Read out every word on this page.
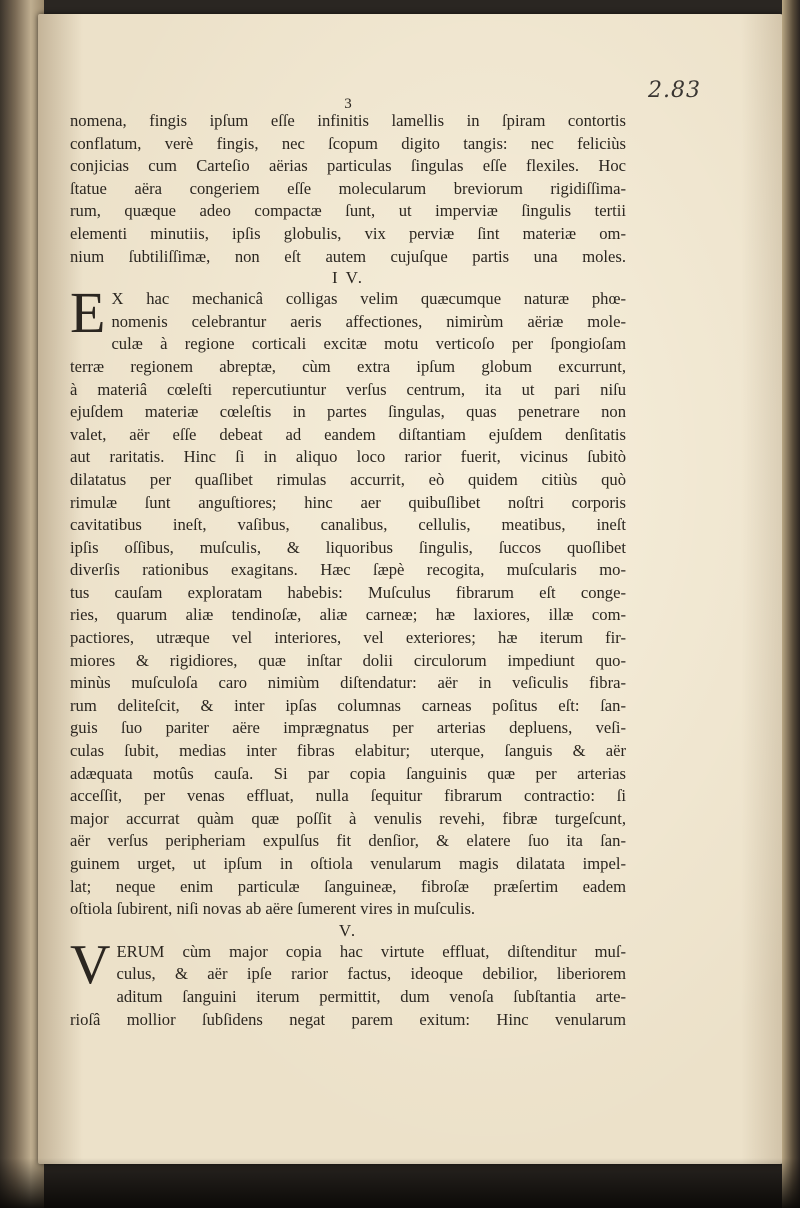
2.83
3
nomena, fingis ipſum eſſe infinitis lamellis in ſpiram contortis
conflatum, verè fingis, nec ſcopum digito tangis: nec feliciùs
conjicias cum Carteſio aërias particulas ſingulas eſſe flexiles. Hoc
ſtatue aëra congeriem eſſe molecularum breviorum rigidiſſima-
rum, quæque adeo compactæ ſunt, ut imperviæ ſingulis tertii
elementi minutiis, ipſis globulis, vix perviæ ſint materiæ om-
nium ſubtiliſſimæ, non eſt autem cujuſque partis una moles.
I V.
E X hac mechanicâ colligas velim quæcumque naturæ phœ-
nomenis celebrantur aeris affectiones, nimirùm aëriæ mole-
culæ à regione corticali excitæ motu verticoſo per ſpongioſam
terræ regionem abreptæ, cùm extra ipſum globum excurrunt,
à materiâ cœleſti repercutiuntur verſus centrum, ita ut pari niſu
ejuſdem materiæ cœleſtis in partes ſingulas, quas penetrare non
valet, aër eſſe debeat ad eandem diſtantiam ejuſdem denſitatis
aut raritatis. Hinc ſi in aliquo loco rarior fuerit, vicinus ſubitò
dilatatus per quaſlibet rimulas accurrit, eò quidem citiùs quò
rimulæ ſunt anguſtiores; hinc aer quibuſlibet noſtri corporis
cavitatibus ineſt, vaſibus, canalibus, cellulis, meatibus, ineſt
ipſis oſſibus, muſculis, & liquoribus ſingulis, ſuccos quoſlibet
diverſis rationibus exagitans. Hæc ſæpè recogita, muſcularis mo-
tus cauſam exploratam habebis: Muſculus fibrarum eſt conge-
ries, quarum aliæ tendinoſæ, aliæ carneæ; hæ laxiores, illæ com-
pactiores, utræque vel interiores, vel exteriores; hæ iterum fir-
miores & rigidiores, quæ inſtar dolii circulorum impediunt quo-
minùs muſculoſa caro nimiùm diſtendatur: aër in veſiculis fibra-
rum deliteſcit, & inter ipſas columnas carneas poſitus eſt: ſan-
guis ſuo pariter aëre imprægnatus per arterias depluens, veſi-
culas ſubit, medias inter fibras elabitur; uterque, ſanguis & aër
adæquata motûs cauſa. Si par copia ſanguinis quæ per arterias
acceſſit, per venas effluat, nulla ſequitur fibrarum contractio: ſi
major accurrat quàm quæ poſſit à venulis revehi, fibræ turgeſcunt,
aër verſus peripheriam expulſus fit denſior, & elatere ſuo ita ſan-
guinem urget, ut ipſum in oſtiola venularum magis dilatata impel-
lat; neque enim particulæ ſanguineæ, fibroſæ præſertim eadem
oſtiola ſubirent, niſi novas ab aëre ſumerent vires in muſculis.
V.
V ERUM cùm major copia hac virtute effluat, diſtenditur muſ-
culus, & aër ipſe rarior factus, ideoque debilior, liberiorem
aditum ſanguini iterum permittit, dum venoſa ſubſtantia arte-
rioſâ mollior ſubſidens negat parem exitum: Hinc venularum
